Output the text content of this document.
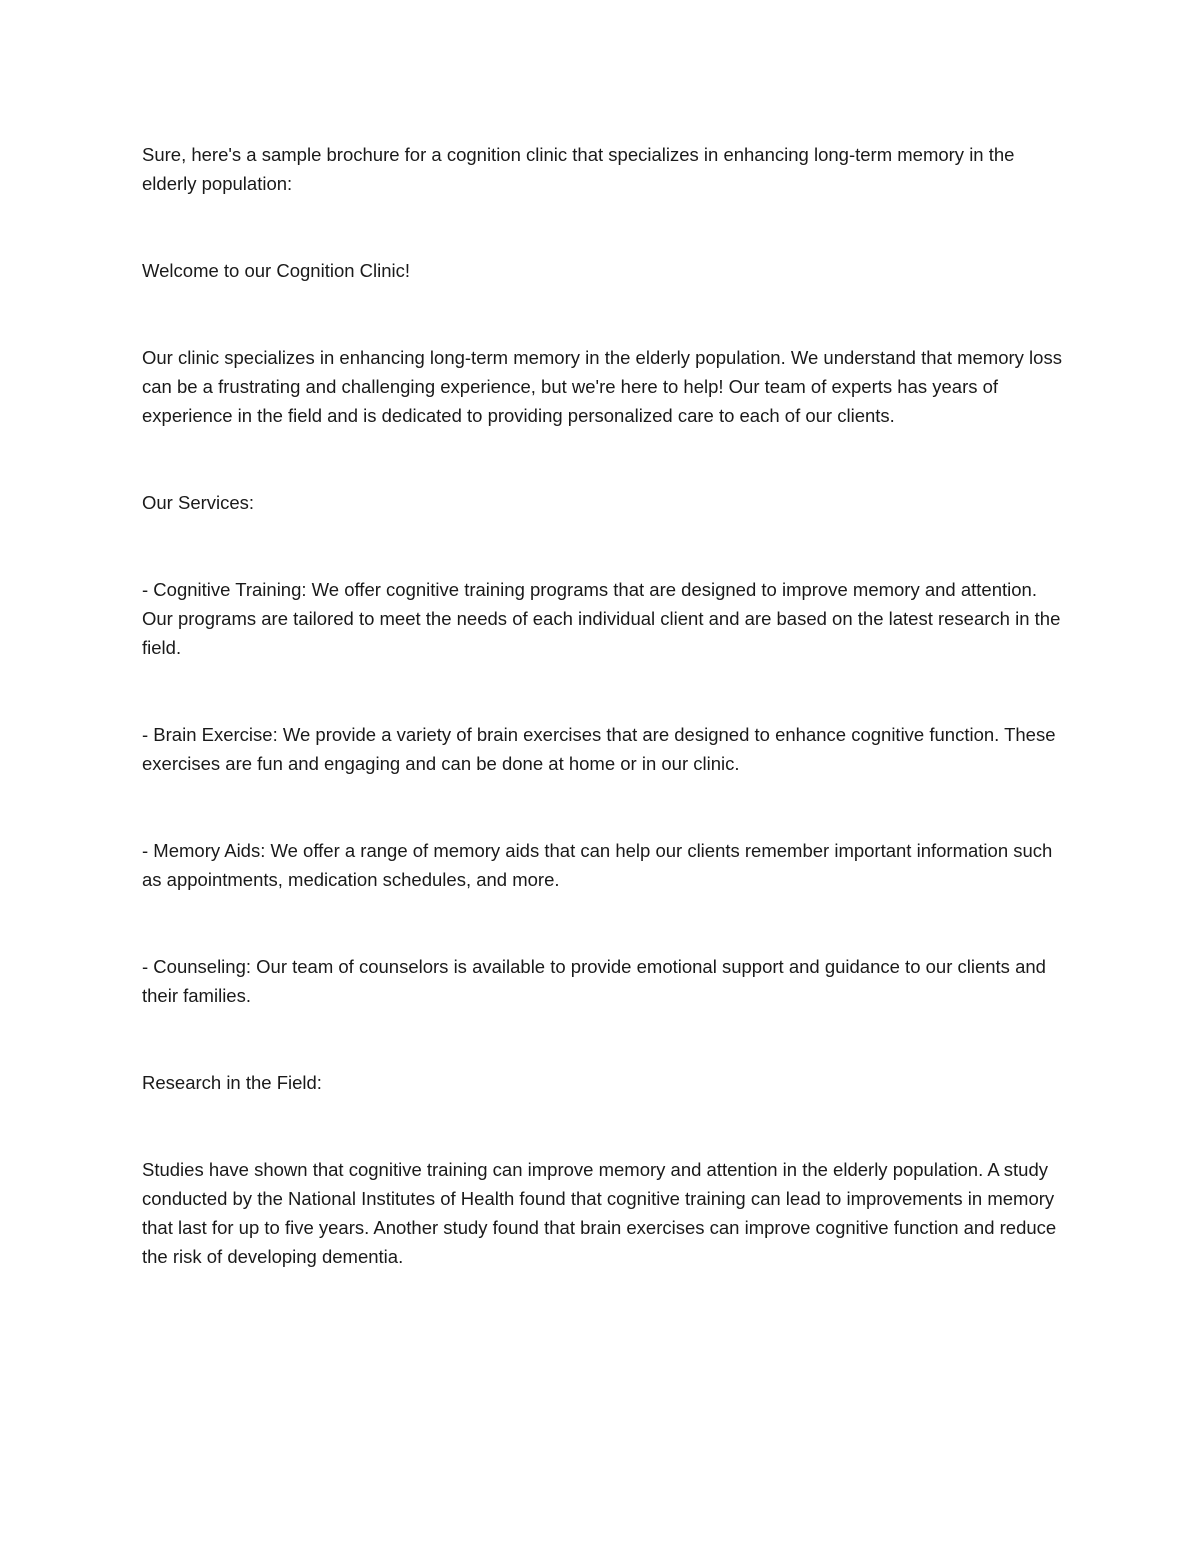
Sure, here's a sample brochure for a cognition clinic that specializes in enhancing long-term memory in the elderly population:

Welcome to our Cognition Clinic!

Our clinic specializes in enhancing long-term memory in the elderly population. We understand that memory loss can be a frustrating and challenging experience, but we're here to help! Our team of experts has years of experience in the field and is dedicated to providing personalized care to each of our clients.

Our Services:

- Cognitive Training: We offer cognitive training programs that are designed to improve memory and attention. Our programs are tailored to meet the needs of each individual client and are based on the latest research in the field.

- Brain Exercise: We provide a variety of brain exercises that are designed to enhance cognitive function. These exercises are fun and engaging and can be done at home or in our clinic.

- Memory Aids: We offer a range of memory aids that can help our clients remember important information such as appointments, medication schedules, and more.

- Counseling: Our team of counselors is available to provide emotional support and guidance to our clients and their families.

Research in the Field:

Studies have shown that cognitive training can improve memory and attention in the elderly population. A study conducted by the National Institutes of Health found that cognitive training can lead to improvements in memory that last for up to five years. Another study found that brain exercises can improve cognitive function and reduce the risk of developing dementia.
